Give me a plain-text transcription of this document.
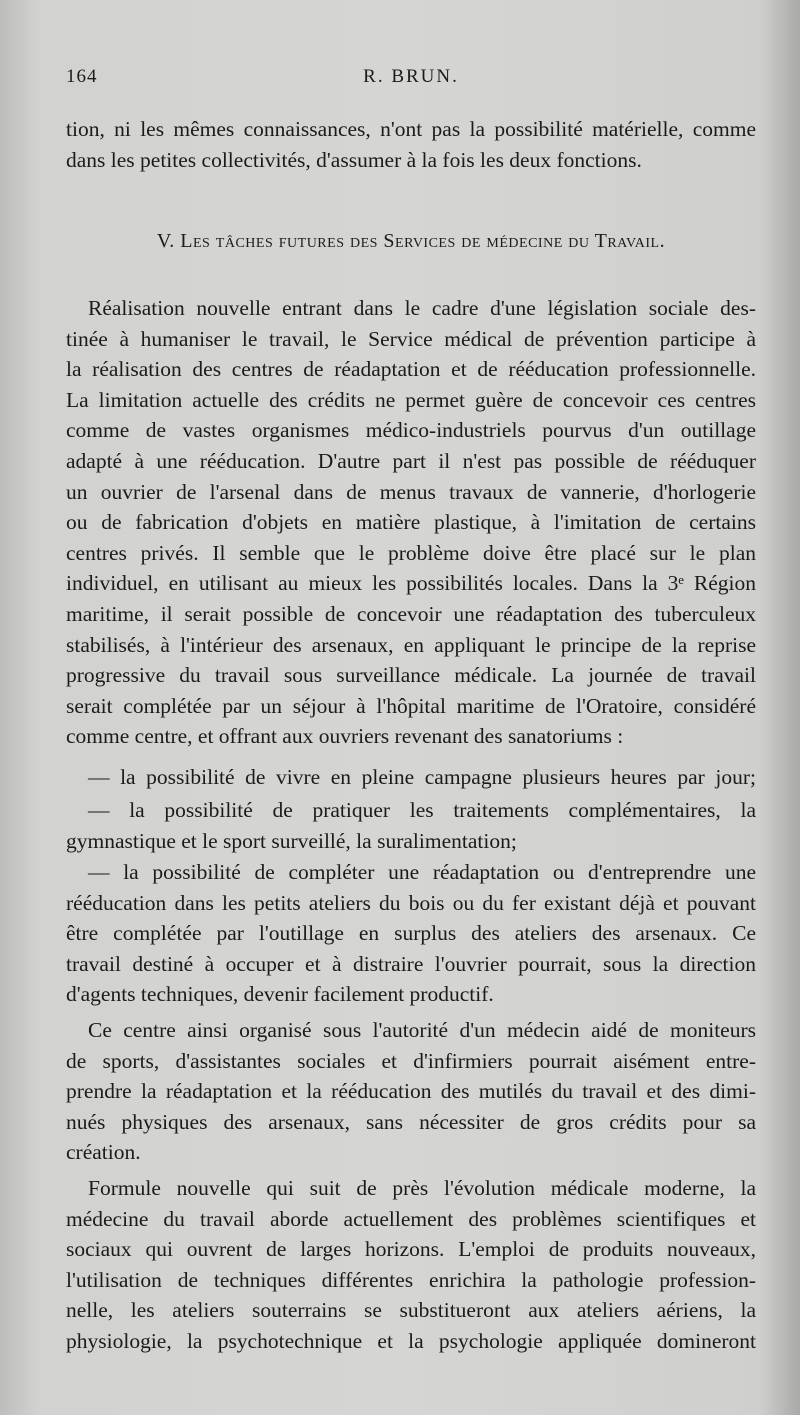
164	R. BRUN.

tion, ni les mêmes connaissances, n'ont pas la possibilité matérielle, comme
dans les petites collectivités, d'assumer à la fois les deux fonctions.

V. Les tâches futures des Services de médecine du Travail.

Réalisation nouvelle entrant dans le cadre d'une législation sociale des-
tinée à humaniser le travail, le Service médical de prévention participe à
la réalisation des centres de réadaptation et de rééducation professionnelle.
La limitation actuelle des crédits ne permet guère de concevoir ces centres
comme de vastes organismes médico-industriels pourvus d'un outillage
adapté à une rééducation. D'autre part il n'est pas possible de rééduquer
un ouvrier de l'arsenal dans de menus travaux de vannerie, d'horlogerie
ou de fabrication d'objets en matière plastique, à l'imitation de certains
centres privés. Il semble que le problème doive être placé sur le plan
individuel, en utilisant au mieux les possibilités locales. Dans la 3ᵉ Région
maritime, il serait possible de concevoir une réadaptation des tuberculeux
stabilisés, à l'intérieur des arsenaux, en appliquant le principe de la reprise
progressive du travail sous surveillance médicale. La journée de travail
serait complétée par un séjour à l'hôpital maritime de l'Oratoire, considéré
comme centre, et offrant aux ouvriers revenant des sanatoriums :

— la possibilité de vivre en pleine campagne plusieurs heures par jour;

— la possibilité de pratiquer les traitements complémentaires, la
gymnastique et le sport surveillé, la suralimentation;

— la possibilité de compléter une réadaptation ou d'entreprendre une
rééducation dans les petits ateliers du bois ou du fer existant déjà et pouvant
être complétée par l'outillage en surplus des ateliers des arsenaux. Ce
travail destiné à occuper et à distraire l'ouvrier pourrait, sous la direction
d'agents techniques, devenir facilement productif.

Ce centre ainsi organisé sous l'autorité d'un médecin aidé de moniteurs
de sports, d'assistantes sociales et d'infirmiers pourrait aisément entre-
prendre la réadaptation et la rééducation des mutilés du travail et des dimi-
nués physiques des arsenaux, sans nécessiter de gros crédits pour sa
création.

Formule nouvelle qui suit de près l'évolution médicale moderne, la
médecine du travail aborde actuellement des problèmes scientifiques et
sociaux qui ouvrent de larges horizons. L'emploi de produits nouveaux,
l'utilisation de techniques différentes enrichira la pathologie profession-
nelle, les ateliers souterrains se substitueront aux ateliers aériens, la
physiologie, la psychotechnique et la psychologie appliquée domineront
